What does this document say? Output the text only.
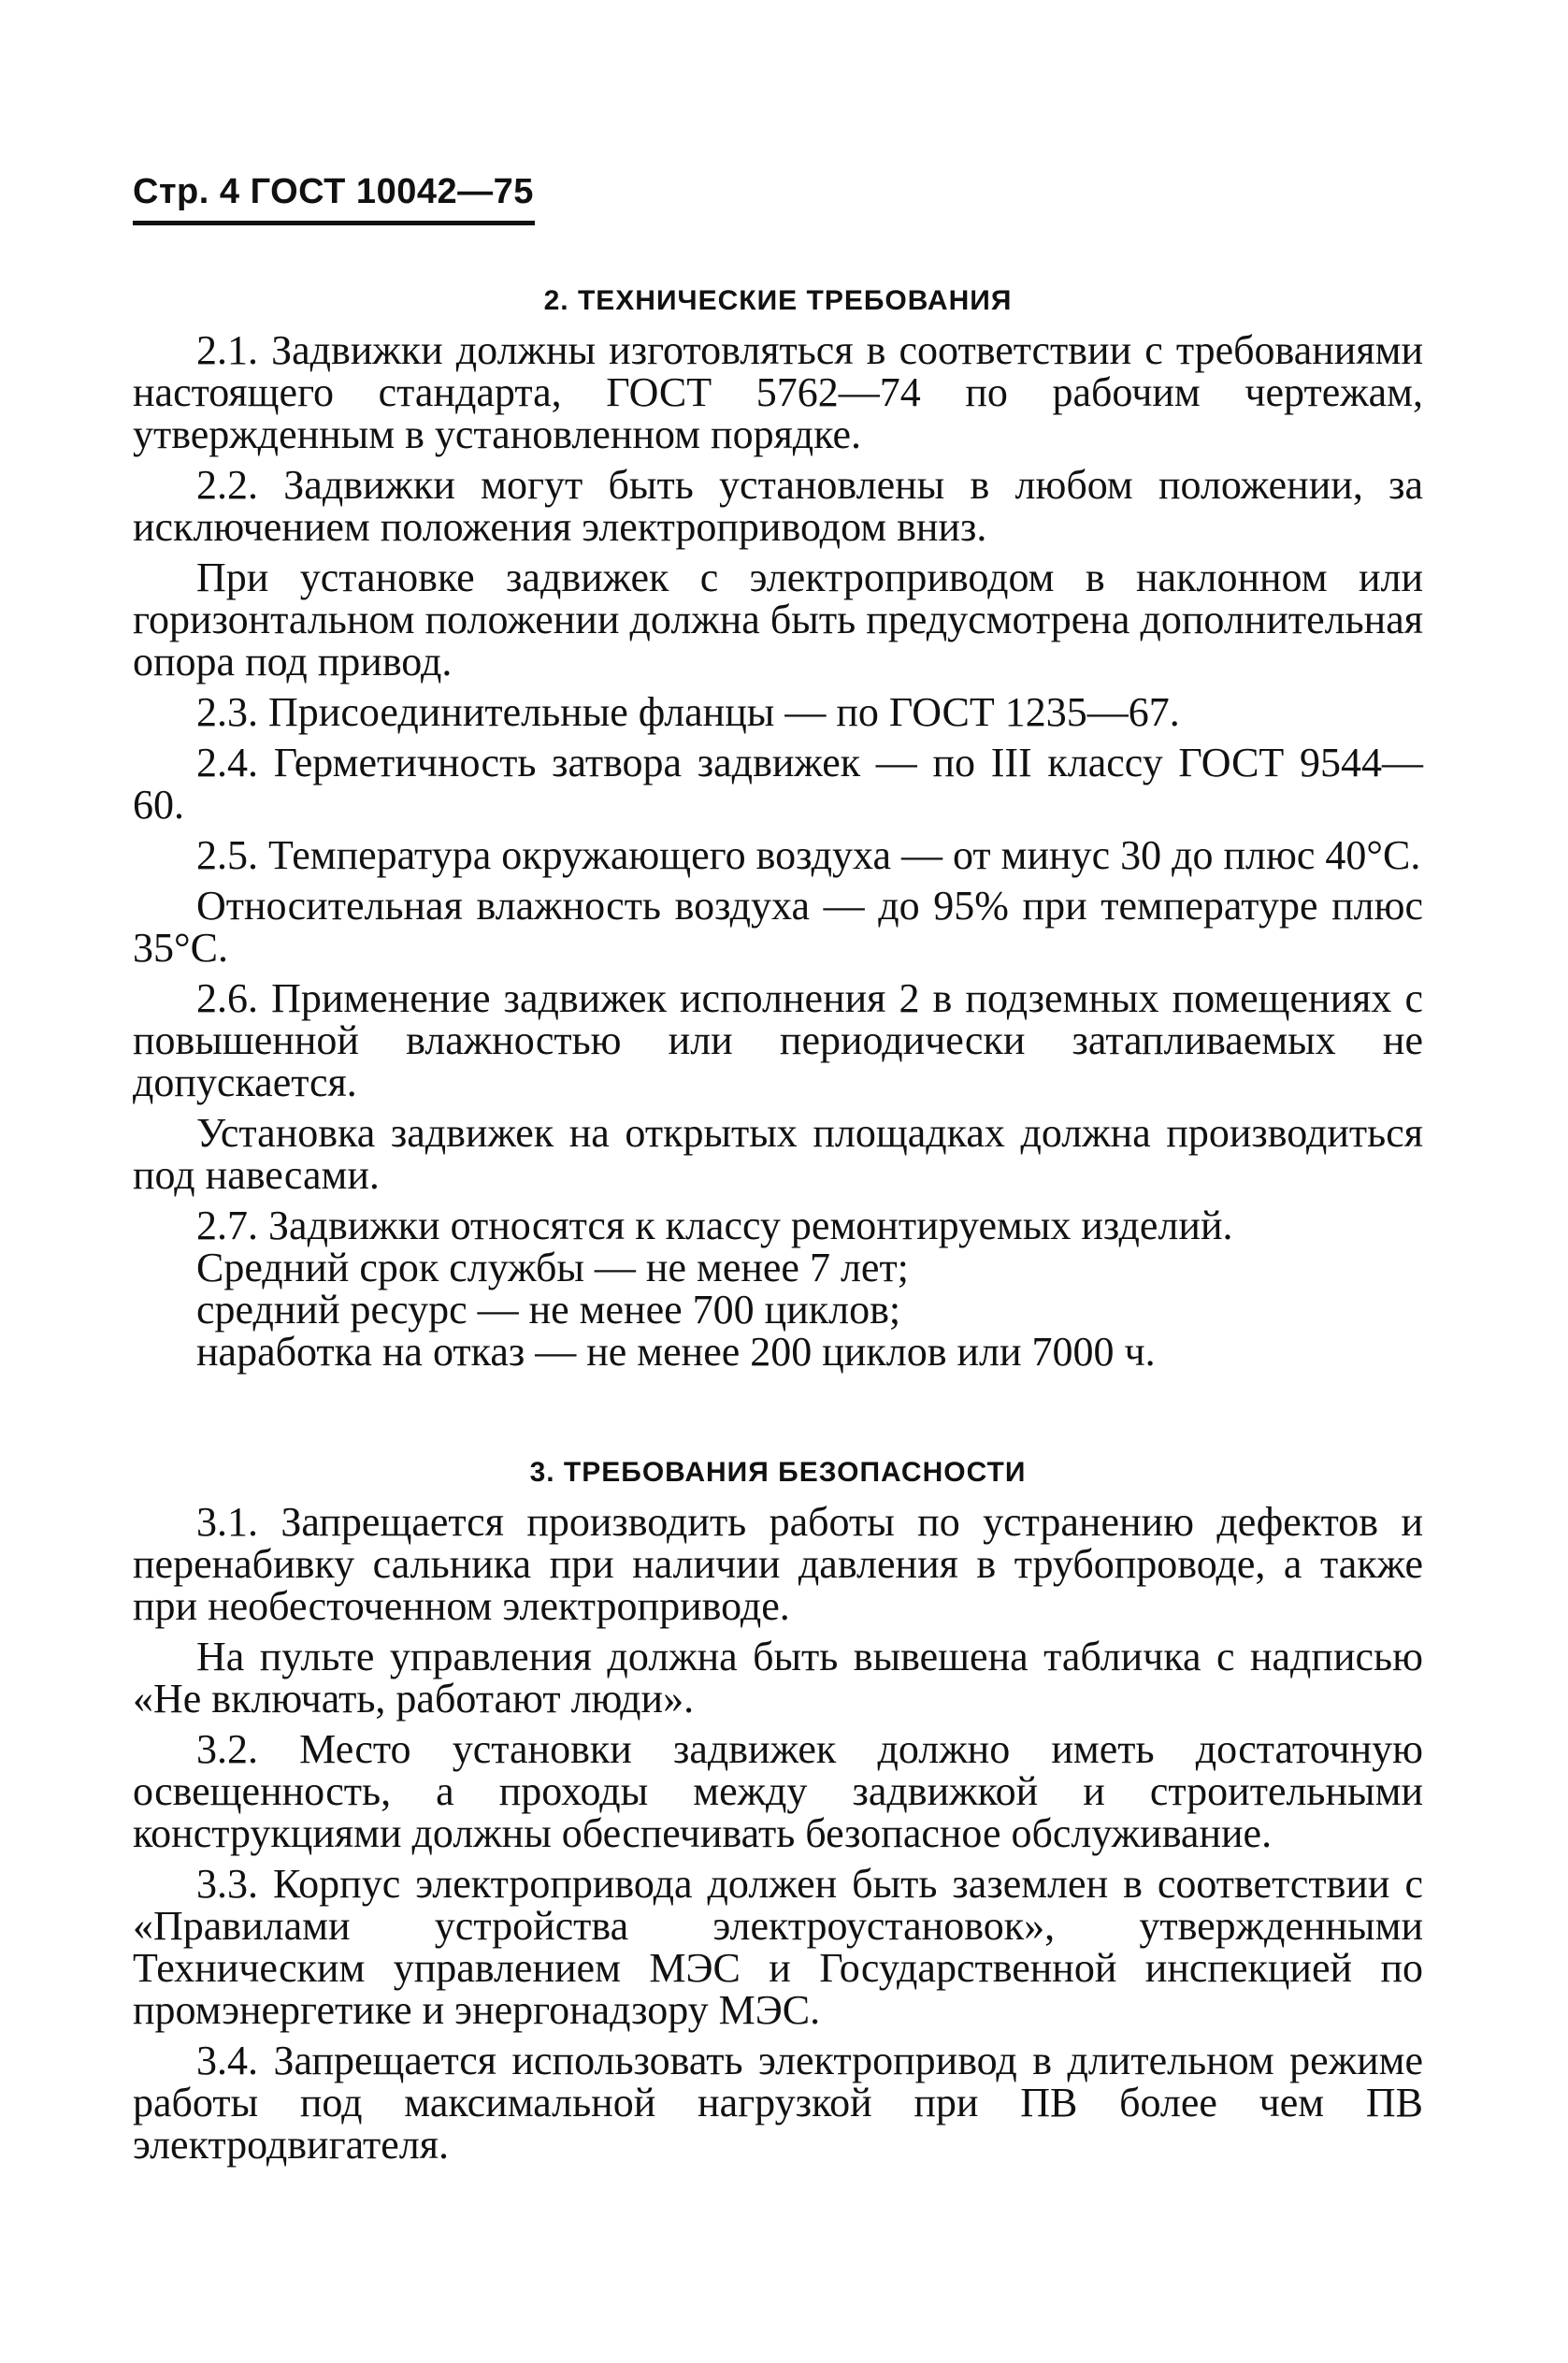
Стр. 4 ГОСТ 10042—75
2. ТЕХНИЧЕСКИЕ ТРЕБОВАНИЯ

2.1. Задвижки должны изготовляться в соответствии с требованиями настоящего стандарта, ГОСТ 5762—74 по рабочим чертежам, утвержденным в установленном порядке.

2.2. Задвижки могут быть установлены в любом положении, за исключением положения электроприводом вниз.

При установке задвижек с электроприводом в наклонном или горизонтальном положении должна быть предусмотрена дополнительная опора под привод.

2.3. Присоединительные фланцы — по ГОСТ 1235—67.

2.4. Герметичность затвора задвижек — по III классу ГОСТ 9544—60.

2.5. Температура окружающего воздуха — от минус 30 до плюс 40°С.

Относительная влажность воздуха — до 95% при температуре плюс 35°С.

2.6. Применение задвижек исполнения 2 в подземных помещениях с повышенной влажностью или периодически затапливаемых не допускается.

Установка задвижек на открытых площадках должна производиться под навесами.

2.7. Задвижки относятся к классу ремонтируемых изделий.

Средний срок службы — не менее 7 лет;

средний ресурс — не менее 700 циклов;

наработка на отказ — не менее 200 циклов или 7000 ч.

3. ТРЕБОВАНИЯ БЕЗОПАСНОСТИ

3.1. Запрещается производить работы по устранению дефектов и перенабивку сальника при наличии давления в трубопроводе, а также при необесточенном электроприводе.

На пульте управления должна быть вывешена табличка с надписью «Не включать, работают люди».

3.2. Место установки задвижек должно иметь достаточную освещенность, а проходы между задвижкой и строительными конструкциями должны обеспечивать безопасное обслуживание.

3.3. Корпус электропривода должен быть заземлен в соответствии с «Правилами устройства электроустановок», утвержденными Техническим управлением МЭС и Государственной инспекцией по промэнергетике и энергонадзору МЭС.

3.4. Запрещается использовать электропривод в длительном режиме работы под максимальной нагрузкой при ПВ более чем ПВ электродвигателя.
